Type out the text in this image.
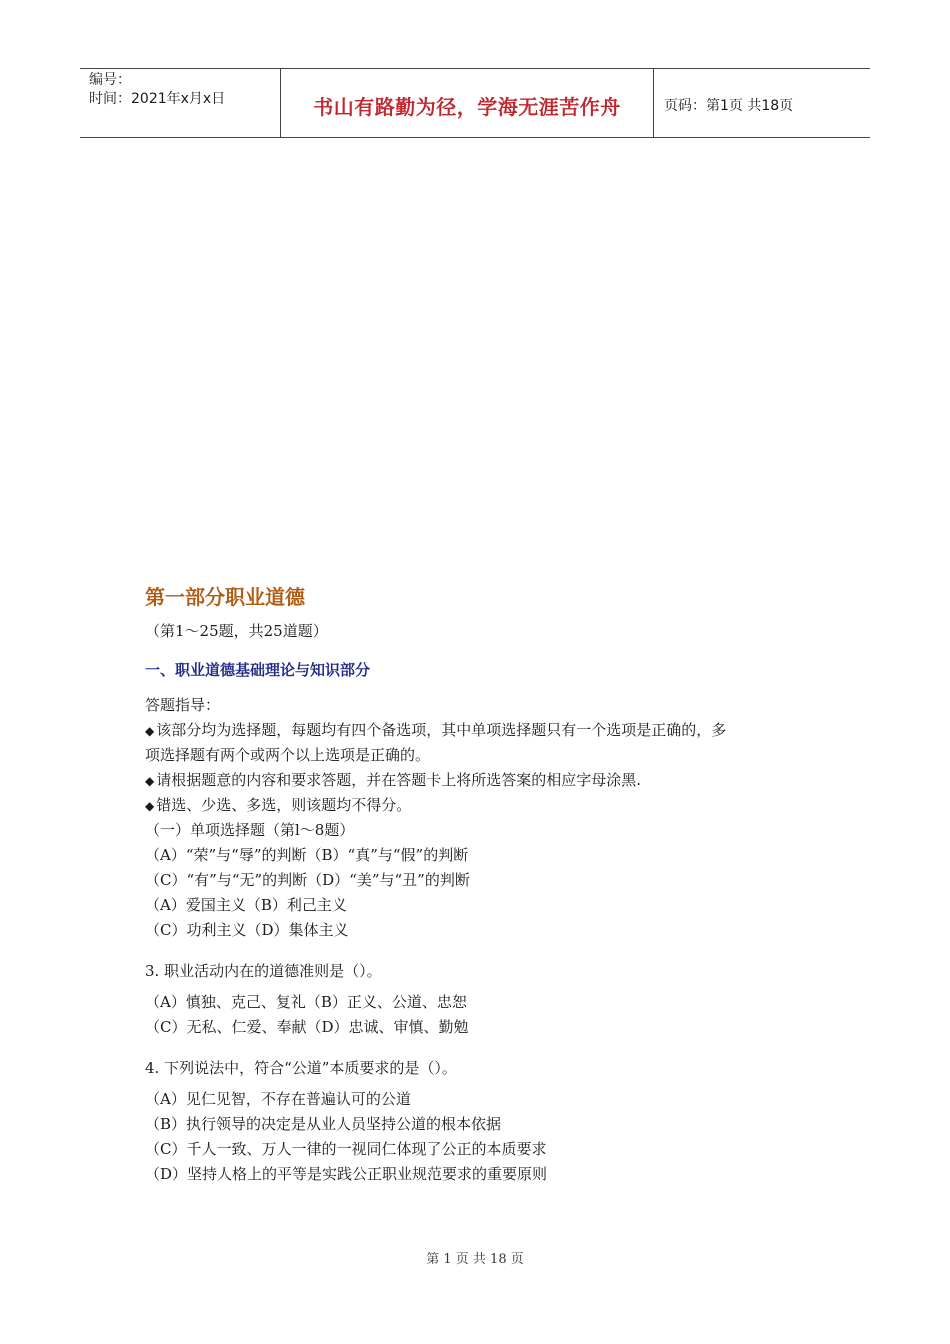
编号：
时间：2021年x月x日	书山有路勤为径，学海无涯苦作舟	页码：第1页 共18页
第一部分职业道德
（第1～25题，共25道题）
一、职业道德基础理论与知识部分
答题指导：
◆ 该部分均为选择题，每题均有四个备选项，其中单项选择题只有一个选项是正确的，多
项选择题有两个或两个以上选项是正确的。
◆ 请根据题意的内容和要求答题，并在答题卡上将所选答案的相应字母涂黑.
◆ 错选、少选、多选，则该题均不得分。
（一）单项选择题（第l～8题）
（A）“荣”与“辱”的判断（B）“真”与“假”的判断
（C）“有”与“无”的判断（D）“美”与“丑”的判断
（A）爱国主义（B）利己主义
（C）功利主义（D）集体主义
3. 职业活动内在的道德准则是（）。
（A）慎独、克己、复礼（B）正义、公道、忠恕
（C）无私、仁爱、奉献（D）忠诚、审慎、勤勉
4. 下列说法中，符合“公道”本质要求的是（）。
（A）见仁见智，不存在普遍认可的公道
（B）执行领导的决定是从业人员坚持公道的根本依据
（C）千人一致、万人一律的一视同仁体现了公正的本质要求
（D）坚持人格上的平等是实践公正职业规范要求的重要原则
第 1 页 共 18 页
